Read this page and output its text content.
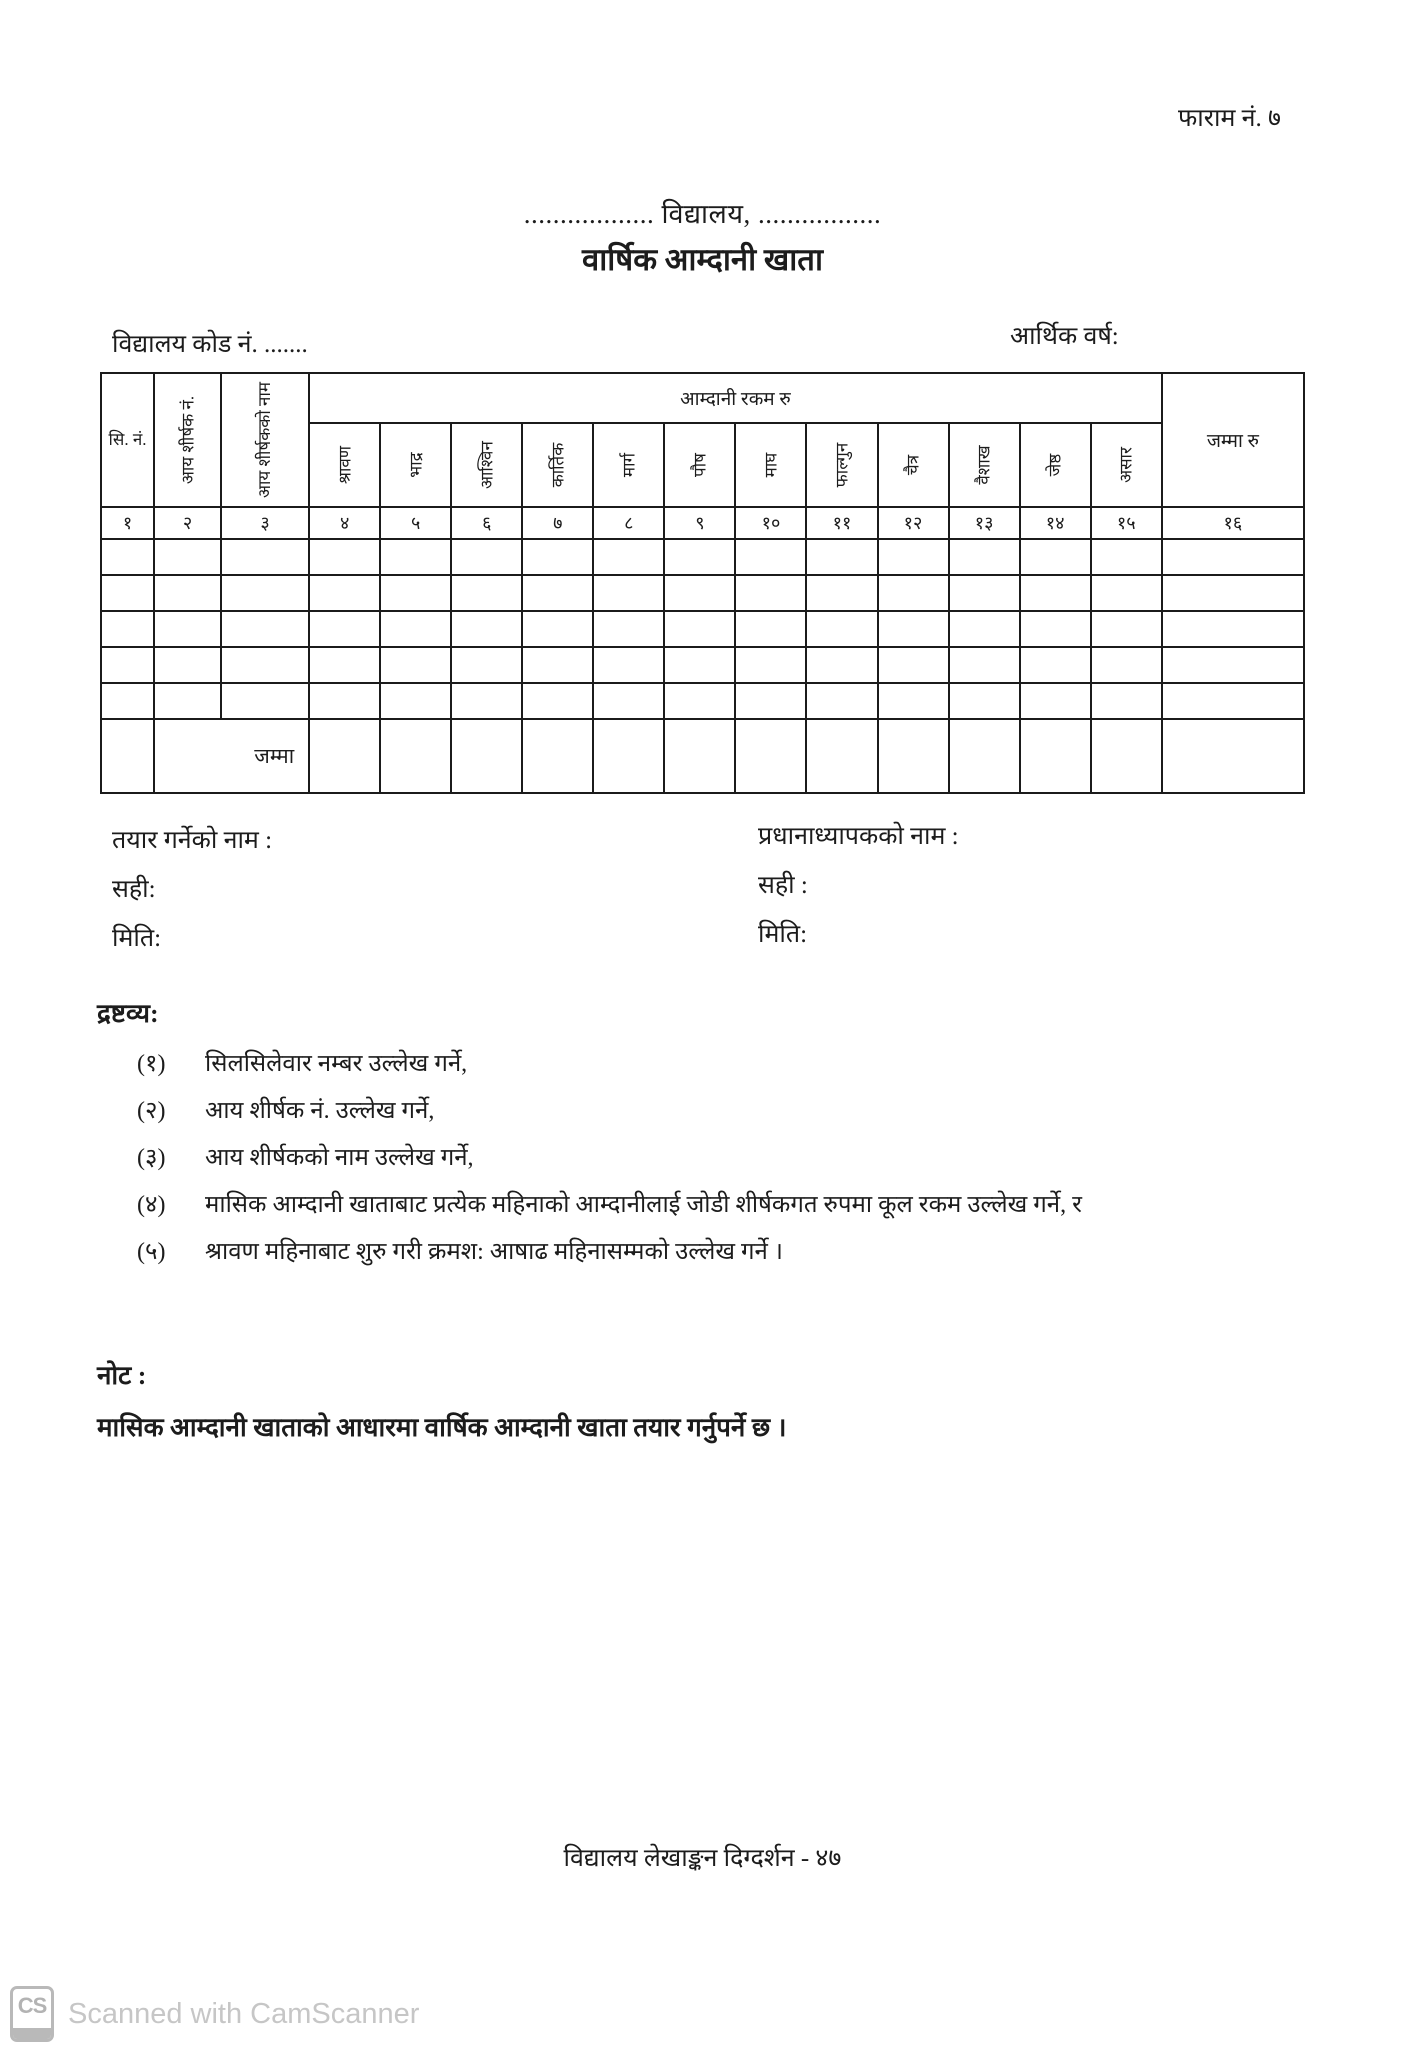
फाराम नं. ७
.................. विद्यालय, .................
वार्षिक आम्दानी खाता
विद्यालय कोड नं. .......	आर्थिक वर्ष:
सि. नं.	आय शीर्षक नं.	आय शीर्षकको नाम	आम्दानी रकम रु												जम्मा रु

			श्रावण	भाद्र	आश्विन	कार्तिक	मार्ग	पौष	माघ	फाल्गुन	चैत्र	वैशाख	जेष्ठ	असार	

१	२	३	४	५	६	७	८	९	१०	११	१२	१३	१४	१५	१६

	जम्मा														
तयार गर्नेको नाम :
सही:
मिति:
प्रधानाध्यापकको नाम :
सही :
मिति:
द्रष्टव्य:
(१)	सिलसिलेवार नम्बर उल्लेख गर्ने,
(२)	आय शीर्षक नं. उल्लेख गर्ने,
(३)	आय शीर्षकको नाम उल्लेख गर्ने,
(४)	मासिक आम्दानी खाताबाट प्रत्येक महिनाको आम्दानीलाई जोडी शीर्षकगत रुपमा कूल रकम उल्लेख गर्ने, र
(५)	श्रावण महिनाबाट शुरु गरी क्रमश: आषाढ महिनासम्मको उल्लेख गर्ने ।
नोट :
मासिक आम्दानी खाताको आधारमा वार्षिक आम्दानी खाता तयार गर्नुपर्ने छ ।
विद्यालय लेखाङ्कन दिग्दर्शन - ४७
CS Scanned with CamScanner
